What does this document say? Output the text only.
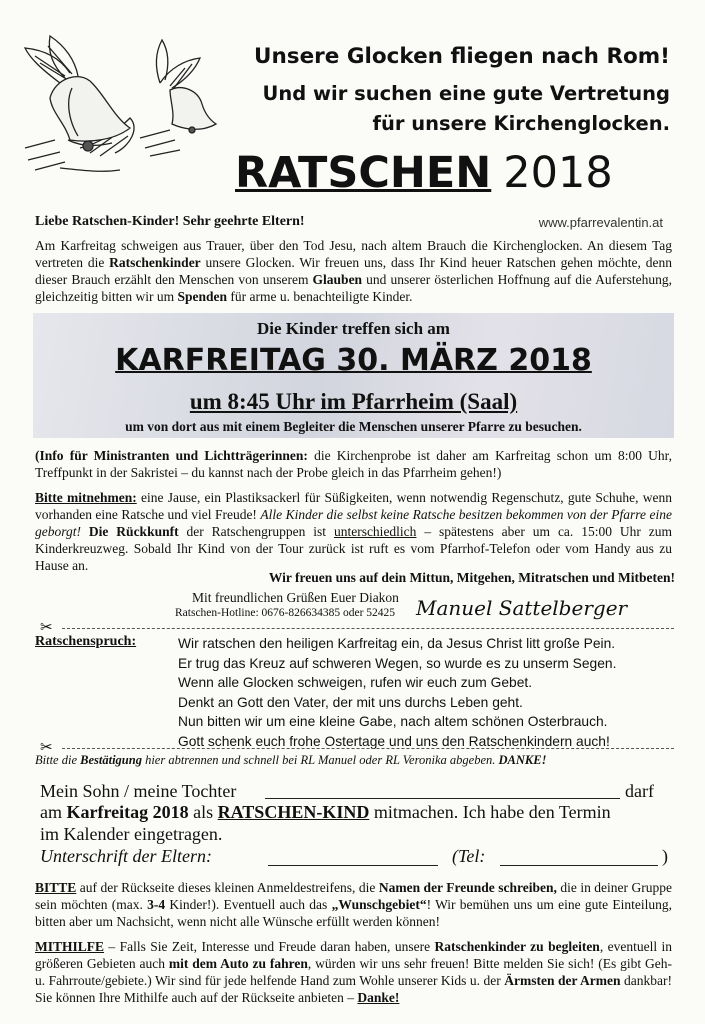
Unsere Glocken fliegen nach Rom!
Und wir suchen eine gute Vertretung
für unsere Kirchenglocken.
RATSCHEN 2018
Liebe Ratschen-Kinder! Sehr geehrte Eltern!	www.pfarrevalentin.at
Am Karfreitag schweigen aus Trauer, über den Tod Jesu, nach altem Brauch die Kirchenglocken. An diesem Tag vertreten die Ratschenkinder unsere Glocken. Wir freuen uns, dass Ihr Kind heuer Ratschen gehen möchte, denn dieser Brauch erzählt den Menschen von unserem Glauben und unserer österlichen Hoffnung auf die Auferstehung, gleichzeitig bitten wir um Spenden für arme u. benachteiligte Kinder.
Die Kinder treffen sich am
KARFREITAG 30. MÄRZ 2018
um 8:45 Uhr im Pfarrheim (Saal)
um von dort aus mit einem Begleiter die Menschen unserer Pfarre zu besuchen.
(Info für Ministranten und Lichtträgerinnen: die Kirchenprobe ist daher am Karfreitag schon um 8:00 Uhr, Treffpunkt in der Sakristei – du kannst nach der Probe gleich in das Pfarrheim gehen!)
Bitte mitnehmen: eine Jause, ein Plastiksackerl für Süßigkeiten, wenn notwendig Regenschutz, gute Schuhe, wenn vorhanden eine Ratsche und viel Freude! Alle Kinder die selbst keine Ratsche besitzen bekommen von der Pfarre eine geborgt! Die Rückkunft der Ratschengruppen ist unterschiedlich – spätestens aber um ca. 15:00 Uhr zum Kinderkreuzweg. Sobald Ihr Kind von der Tour zurück ist ruft es vom Pfarrhof-Telefon oder vom Handy aus zu Hause an.
Wir freuen uns auf dein Mittun, Mitgehen, Mitratschen und Mitbeten!
Mit freundlichen Grüßen Euer Diakon
Ratschen-Hotline: 0676-826634385 oder 52425 Manuel Sattelberger
✂
Ratschenspruch:	Wir ratschen den heiligen Karfreitag ein, da Jesus Christ litt große Pein.
Er trug das Kreuz auf schweren Wegen, so wurde es zu unserm Segen.
Wenn alle Glocken schweigen, rufen wir euch zum Gebet.
Denkt an Gott den Vater, der mit uns durchs Leben geht.
Nun bitten wir um eine kleine Gabe, nach altem schönen Osterbrauch.
Gott schenk euch frohe Ostertage und uns den Ratschenkindern auch!
✂
Bitte die Bestätigung hier abtrennen und schnell bei RL Manuel oder RL Veronika abgeben. DANKE!
Mein Sohn / meine Tochter	darf
am Karfreitag 2018 als RATSCHEN-KIND mitmachen. Ich habe den Termin
im Kalender eingetragen.
Unterschrift der Eltern:	(Tel:	)
BITTE auf der Rückseite dieses kleinen Anmeldestreifens, die Namen der Freunde schreiben, die in deiner Gruppe sein möchten (max. 3-4 Kinder!). Eventuell auch das „Wunschgebiet“! Wir bemühen uns um eine gute Einteilung, bitten aber um Nachsicht, wenn nicht alle Wünsche erfüllt werden können!
MITHILFE – Falls Sie Zeit, Interesse und Freude daran haben, unsere Ratschenkinder zu begleiten, eventuell in größeren Gebieten auch mit dem Auto zu fahren, würden wir uns sehr freuen! Bitte melden Sie sich! (Es gibt Geh- u. Fahrroute/gebiete.) Wir sind für jede helfende Hand zum Wohle unserer Kids u. der Ärmsten der Armen dankbar! Sie können Ihre Mithilfe auch auf der Rückseite anbieten – Danke!
